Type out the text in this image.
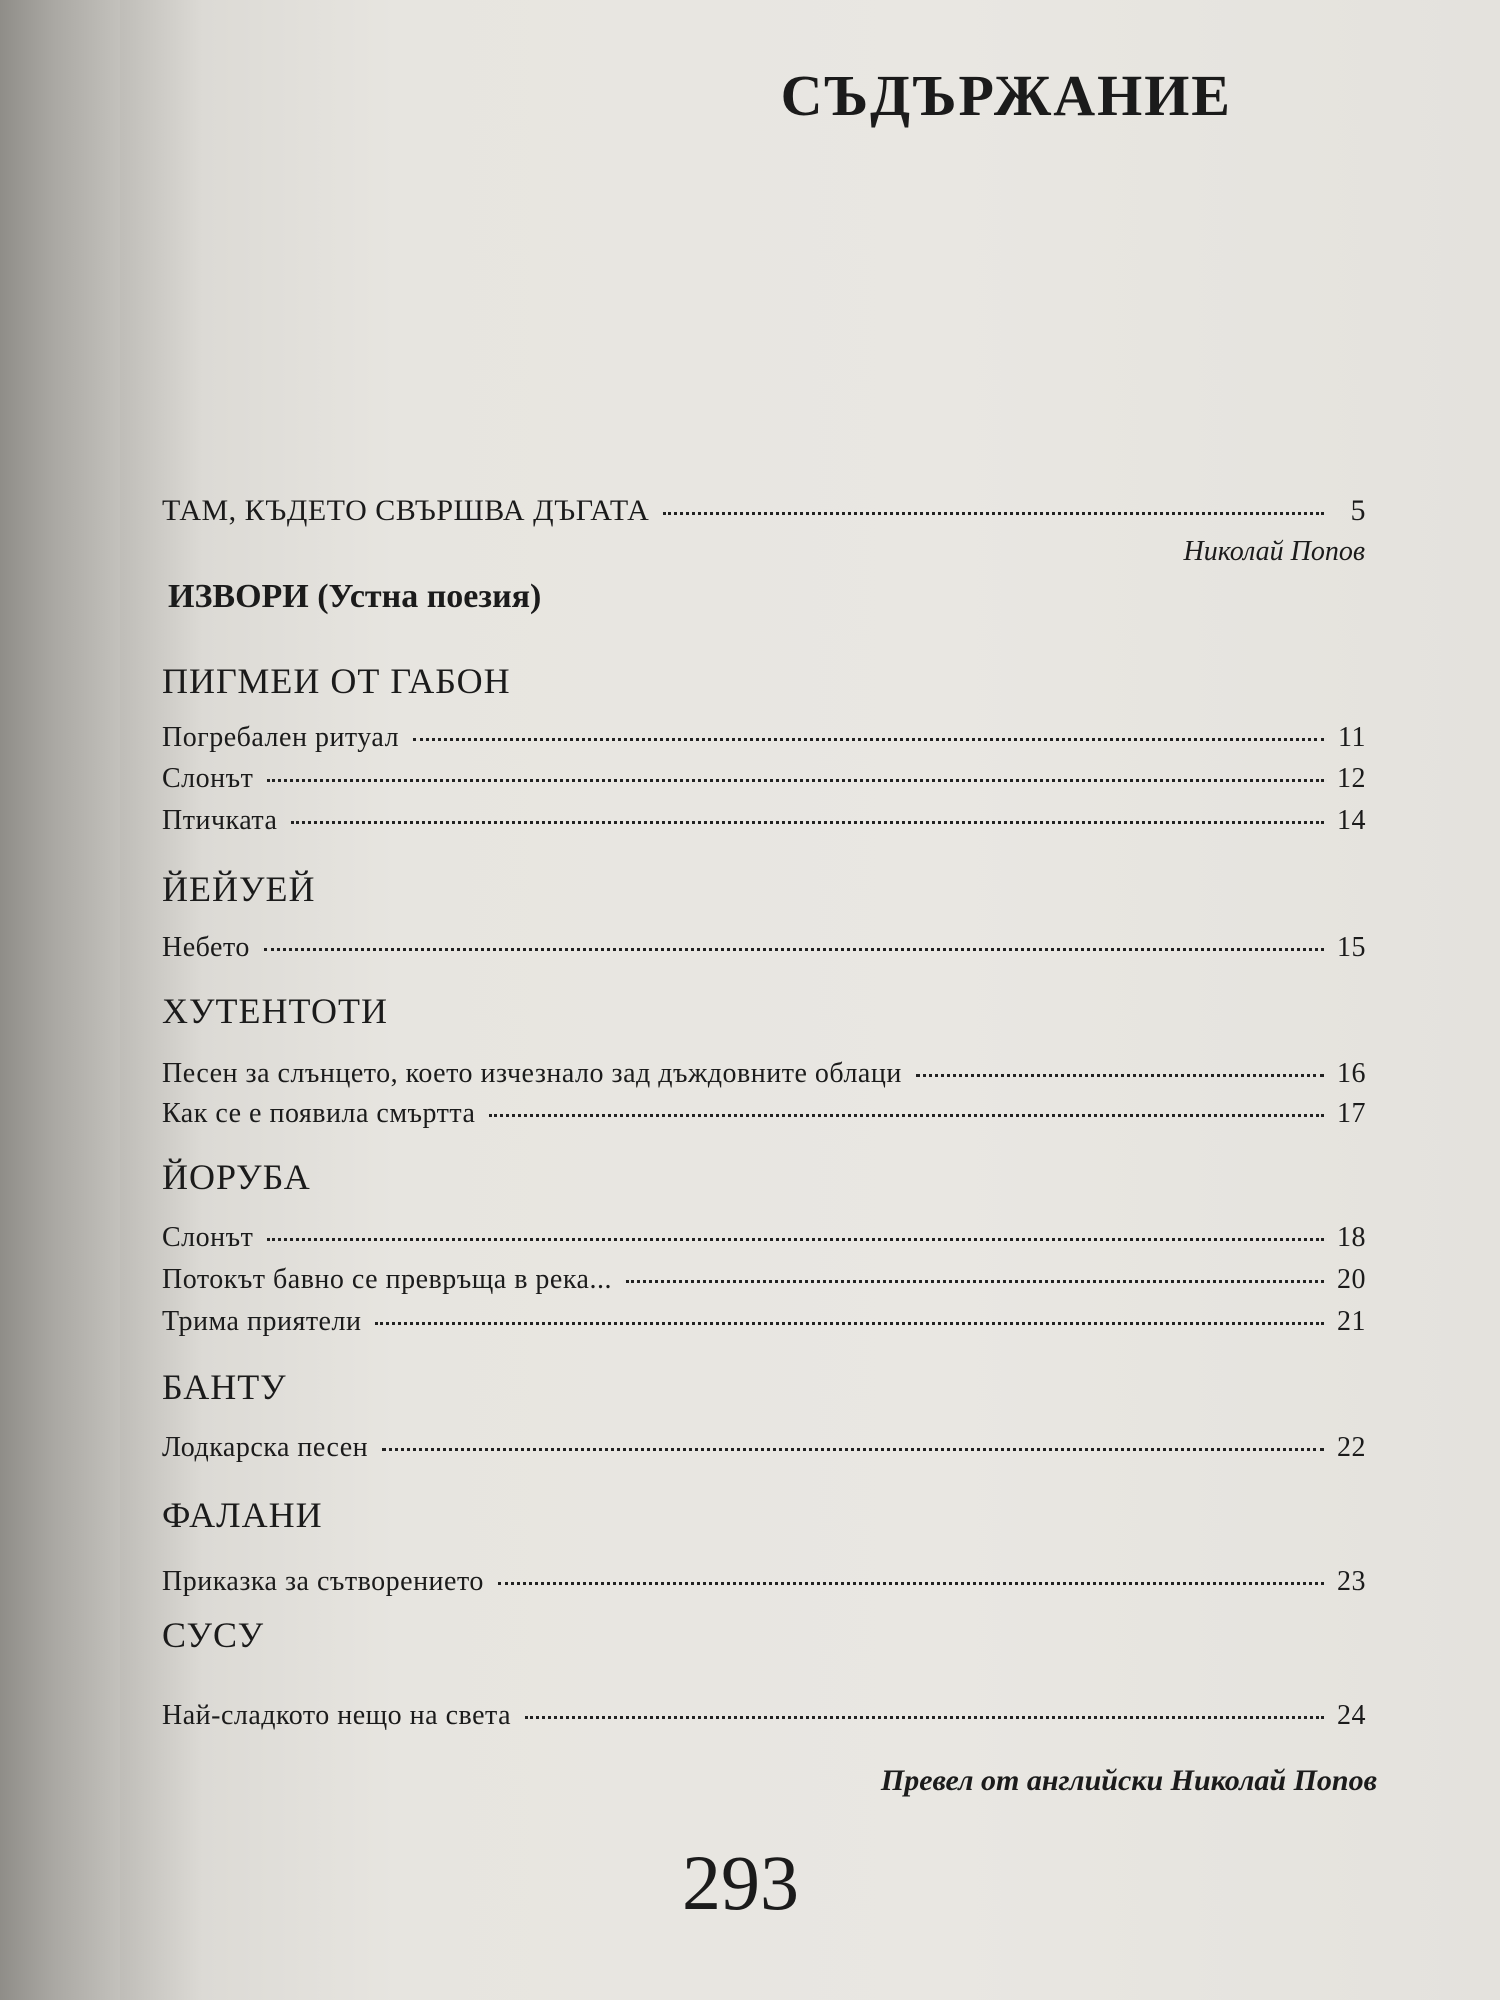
СЪДЪРЖАНИЕ
ТАМ, КЪДЕТО СВЪРШВА ДЪГАТА	5
Николай Попов
ИЗВОРИ (Устна поезия)
ПИГМЕИ ОТ ГАБОН
Погребален ритуал	11
Слонът	12
Птичката	14
ЙЕЙУЕЙ
Небето	15
ХУТЕНТОТИ
Песен за слънцето, което изчезнало зад дъждовните облаци	16
Как се е появила смъртта	17
ЙОРУБА
Слонът	18
Потокът бавно се превръща в река...	20
Трима приятели	21
БАНТУ
Лодкарска песен	22
ФАЛАНИ
Приказка за сътворението	23
СУСУ
Най-сладкото нещо на света	24
Превел от английски Николай Попов
293
